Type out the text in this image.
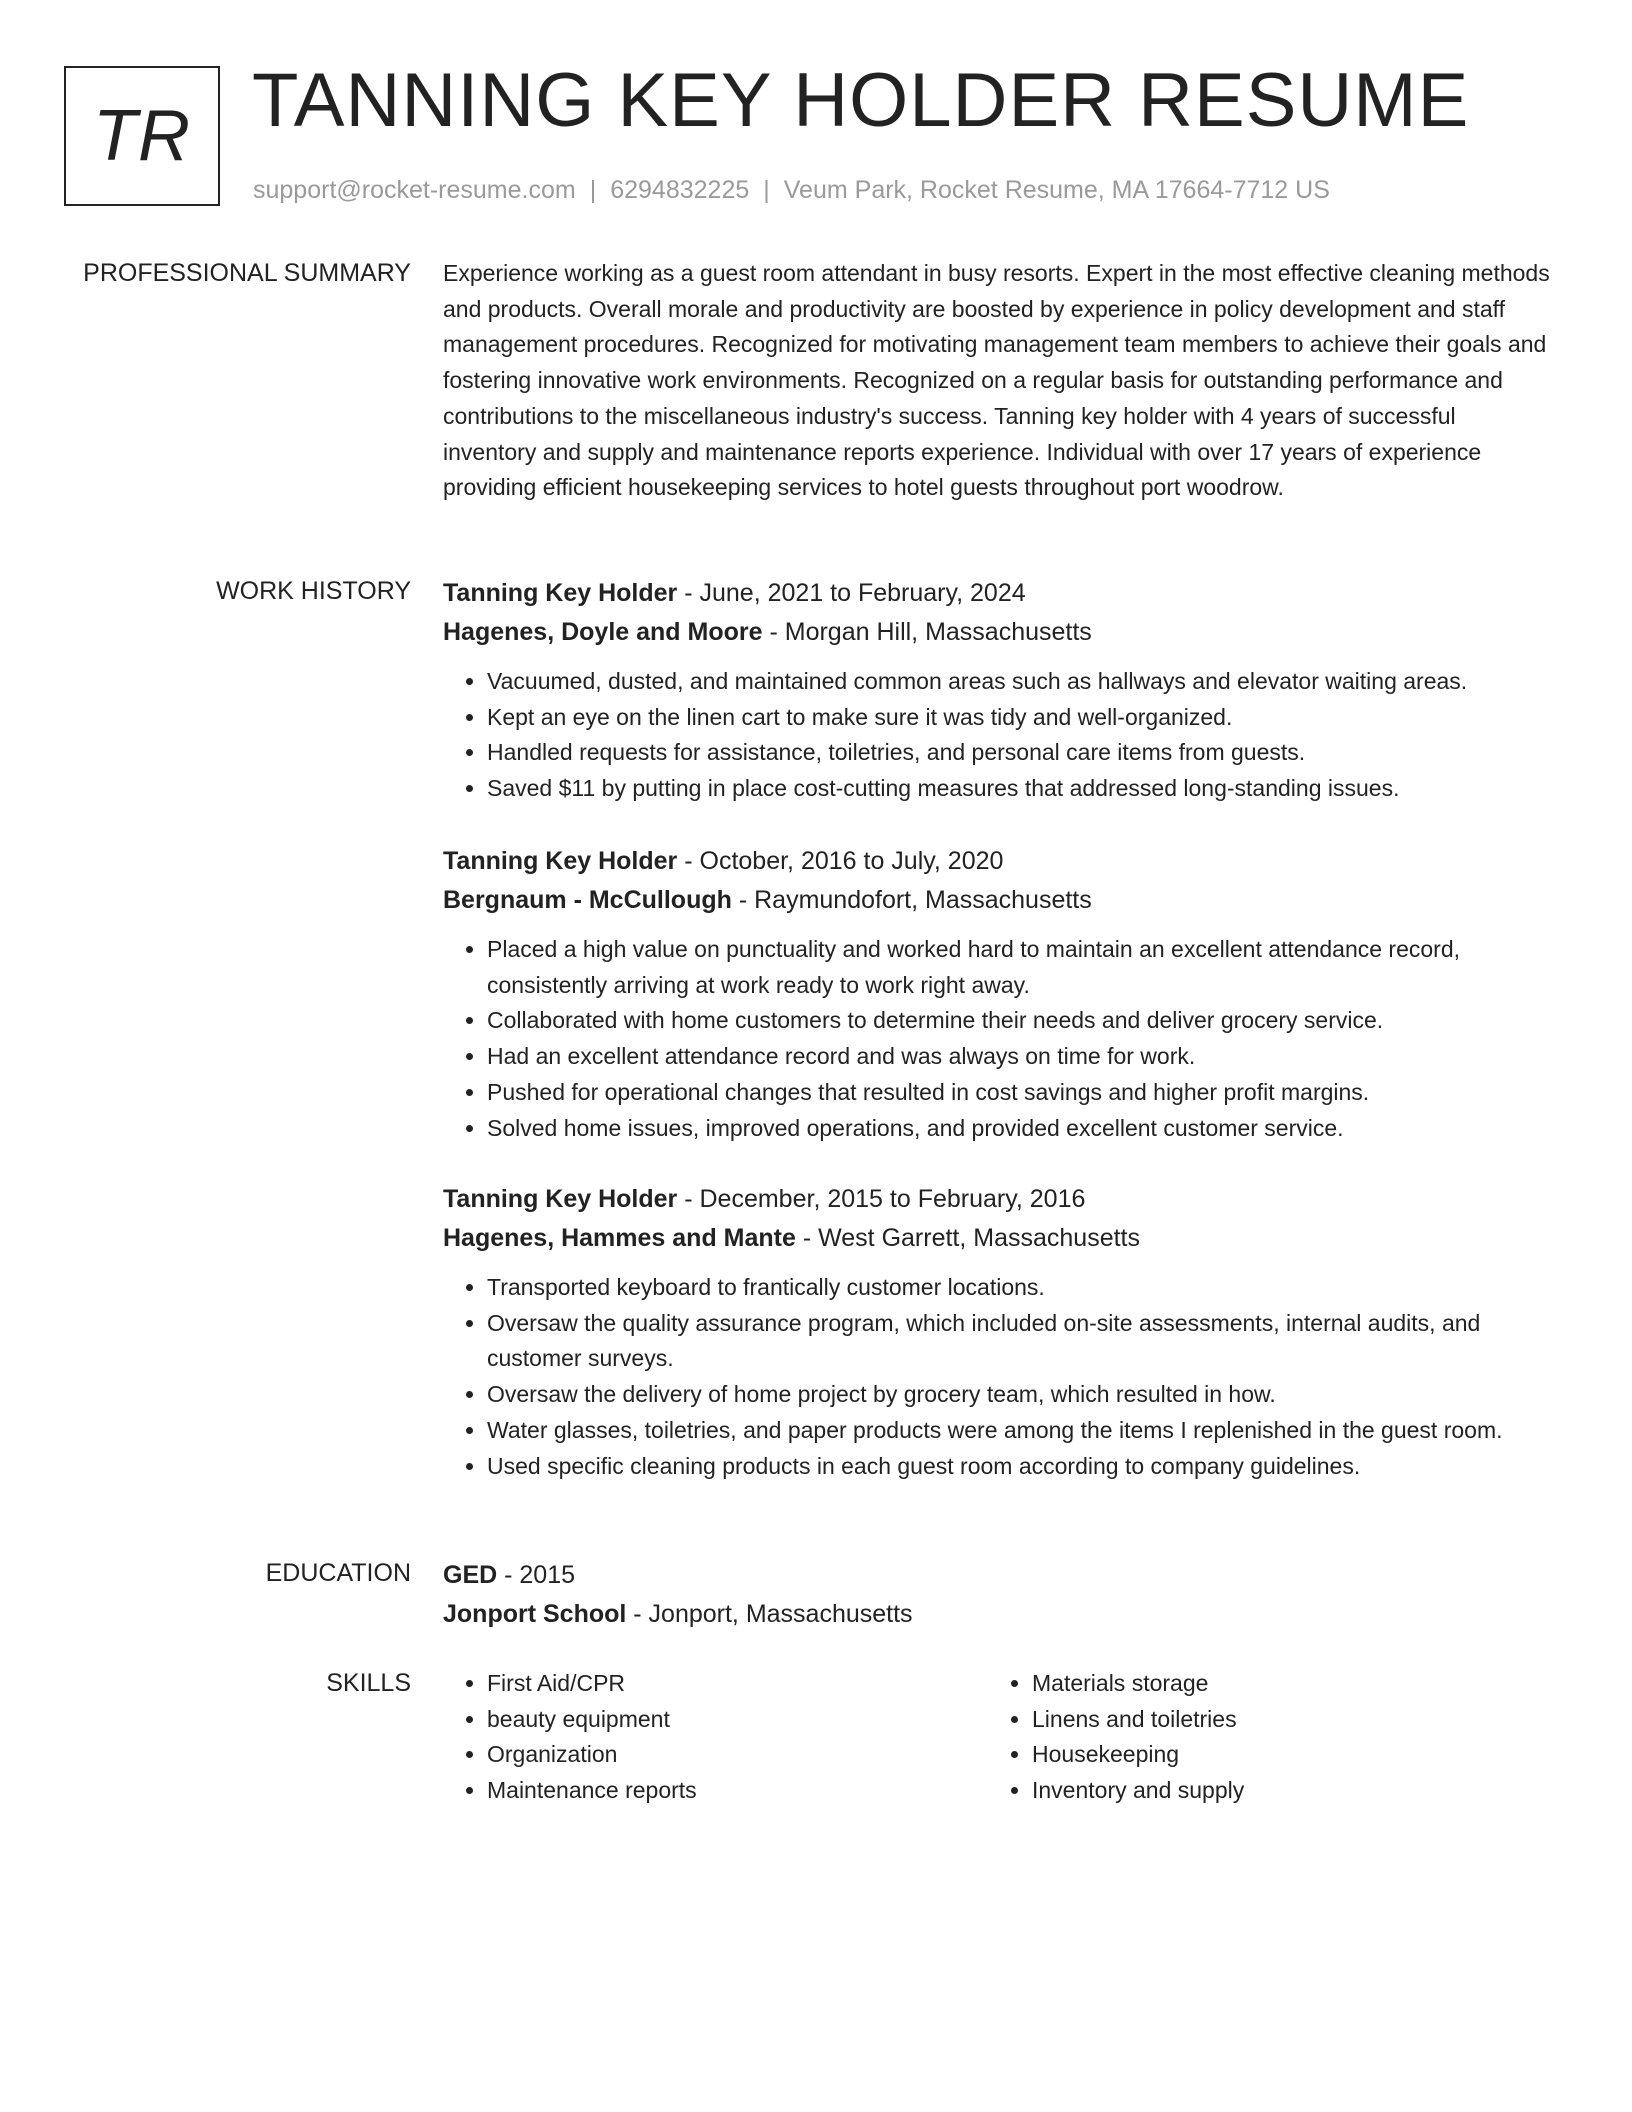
TR TANNING KEY HOLDER RESUME
support@rocket-resume.com | 6294832225 | Veum Park, Rocket Resume, MA 17664-7712 US
PROFESSIONAL SUMMARY Experience working as a guest room attendant in busy resorts. Expert in the most effective cleaning methods and products. Overall morale and productivity are boosted by experience in policy development and staff management procedures. Recognized for motivating management team members to achieve their goals and fostering innovative work environments. Recognized on a regular basis for outstanding performance and contributions to the miscellaneous industry's success. Tanning key holder with 4 years of successful inventory and supply and maintenance reports experience. Individual with over 17 years of experience providing efficient housekeeping services to hotel guests throughout port woodrow.

WORK HISTORY Tanning Key Holder - June, 2021 to February, 2024
Hagenes, Doyle and Moore - Morgan Hill, Massachusetts
• Vacuumed, dusted, and maintained common areas such as hallways and elevator waiting areas.
• Kept an eye on the linen cart to make sure it was tidy and well-organized.
• Handled requests for assistance, toiletries, and personal care items from guests.
• Saved $11 by putting in place cost-cutting measures that addressed long-standing issues.
Tanning Key Holder - October, 2016 to July, 2020
Bergnaum - McCullough - Raymundofort, Massachusetts
• Placed a high value on punctuality and worked hard to maintain an excellent attendance record, consistently arriving at work ready to work right away.
• Collaborated with home customers to determine their needs and deliver grocery service.
• Had an excellent attendance record and was always on time for work.
• Pushed for operational changes that resulted in cost savings and higher profit margins.
• Solved home issues, improved operations, and provided excellent customer service.
Tanning Key Holder - December, 2015 to February, 2016
Hagenes, Hammes and Mante - West Garrett, Massachusetts
• Transported keyboard to frantically customer locations.
• Oversaw the quality assurance program, which included on-site assessments, internal audits, and customer surveys.
• Oversaw the delivery of home project by grocery team, which resulted in how.
• Water glasses, toiletries, and paper products were among the items I replenished in the guest room.
• Used specific cleaning products in each guest room according to company guidelines.
EDUCATION GED - 2015
Jonport School - Jonport, Massachusetts
SKILLS
•	First Aid/CPR
• beauty equipment
• Organization
• Maintenance reports
• Materials storage
• Linens and toiletries
• Housekeeping
• Inventory and supply
